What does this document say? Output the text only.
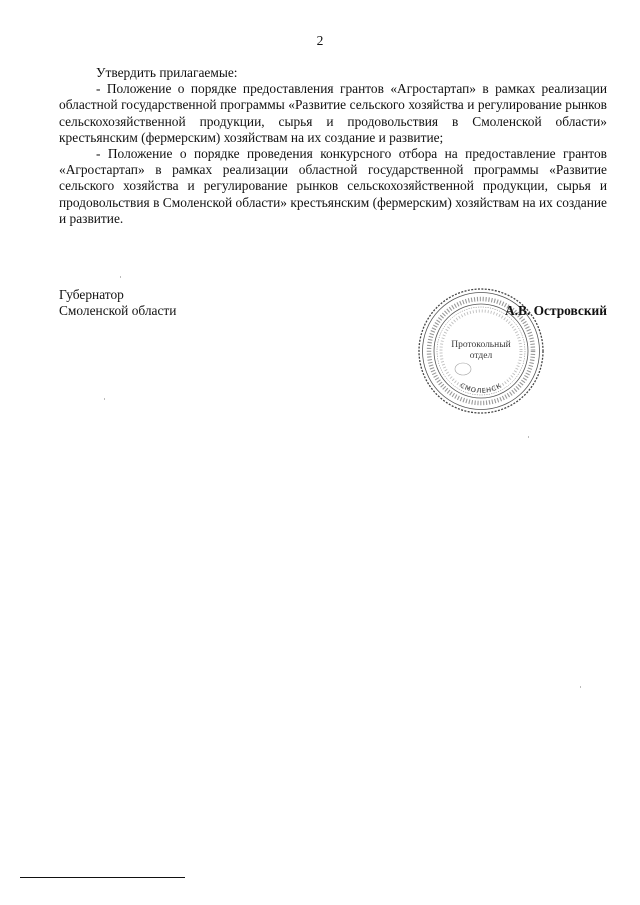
2

Утвердить прилагаемые:

- Положение о порядке предоставления грантов «Агростартап» в рамках реализации областной государственной программы «Развитие сельского хозяйства и регулирование рынков сельскохозяйственной продукции, сырья и продовольствия в Смоленской области» крестьянским (фермерским) хозяйствам на их создание и развитие;

- Положение о порядке проведения конкурсного отбора на предоставление грантов «Агростартап» в рамках реализации областной государственной программы «Развитие сельского хозяйства и регулирование рынков сельскохозяйственной продукции, сырья и продовольствия в Смоленской области» крестьянским (фермерским) хозяйствам на их создание и развитие.

Губернатор
Смоленской области
СМОЛЕНСК
Протокольный
отдел
А.В. Островский
